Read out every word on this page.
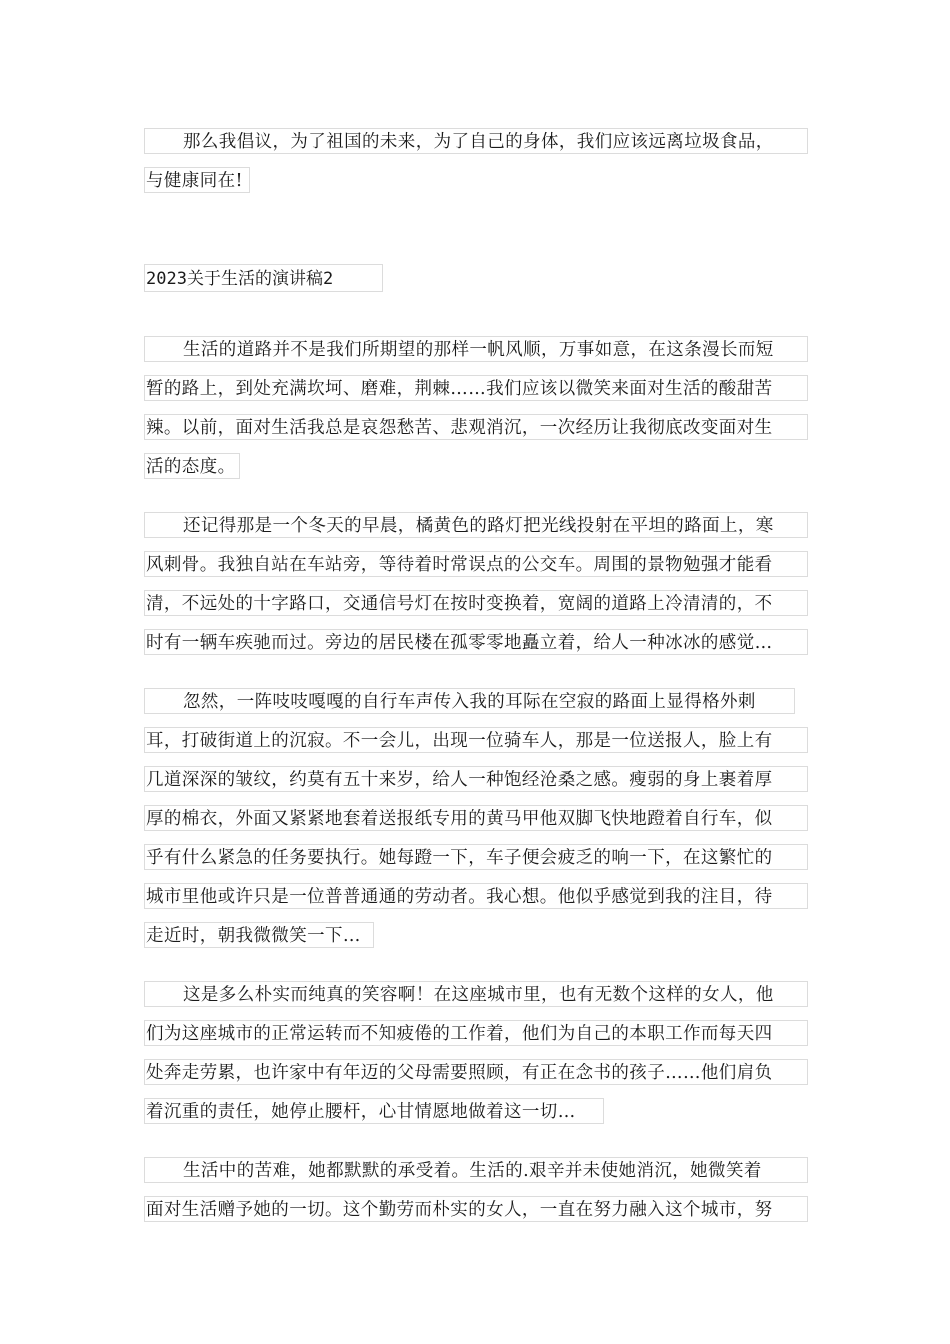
那么我倡议，为了祖国的未来，为了自己的身体，我们应该远离垃圾食品，
与健康同在!
2023关于生活的演讲稿2
生活的道路并不是我们所期望的那样一帆风顺，万事如意，在这条漫长而短
暂的路上，到处充满坎坷、磨难，荆棘……我们应该以微笑来面对生活的酸甜苦
辣。以前，面对生活我总是哀怨愁苦、悲观消沉，一次经历让我彻底改变面对生
活的态度。
还记得那是一个冬天的早晨，橘黄色的路灯把光线投射在平坦的路面上，寒
风刺骨。我独自站在车站旁，等待着时常误点的公交车。周围的景物勉强才能看
清，不远处的十字路口，交通信号灯在按时变换着，宽阔的道路上冷清清的，不
时有一辆车疾驰而过。旁边的居民楼在孤零零地矗立着，给人一种冰冰的感觉…
忽然，一阵吱吱嘎嘎的自行车声传入我的耳际在空寂的路面上显得格外刺
耳，打破街道上的沉寂。不一会儿，出现一位骑车人，那是一位送报人，脸上有
几道深深的皱纹，约莫有五十来岁，给人一种饱经沧桑之感。瘦弱的身上裹着厚
厚的棉衣，外面又紧紧地套着送报纸专用的黄马甲他双脚飞快地蹬着自行车，似
乎有什么紧急的任务要执行。她每蹬一下，车子便会疲乏的响一下，在这繁忙的
城市里他或许只是一位普普通通的劳动者。我心想。他似乎感觉到我的注目，待
走近时，朝我微微笑一下…
这是多么朴实而纯真的笑容啊！在这座城市里，也有无数个这样的女人，他
们为这座城市的正常运转而不知疲倦的工作着，他们为自己的本职工作而每天四
处奔走劳累，也许家中有年迈的父母需要照顾，有正在念书的孩子……他们肩负
着沉重的责任，她停止腰杆，心甘情愿地做着这一切…
生活中的苦难，她都默默的承受着。生活的.艰辛并未使她消沉，她微笑着
面对生活赠予她的一切。这个勤劳而朴实的女人，一直在努力融入这个城市，努
